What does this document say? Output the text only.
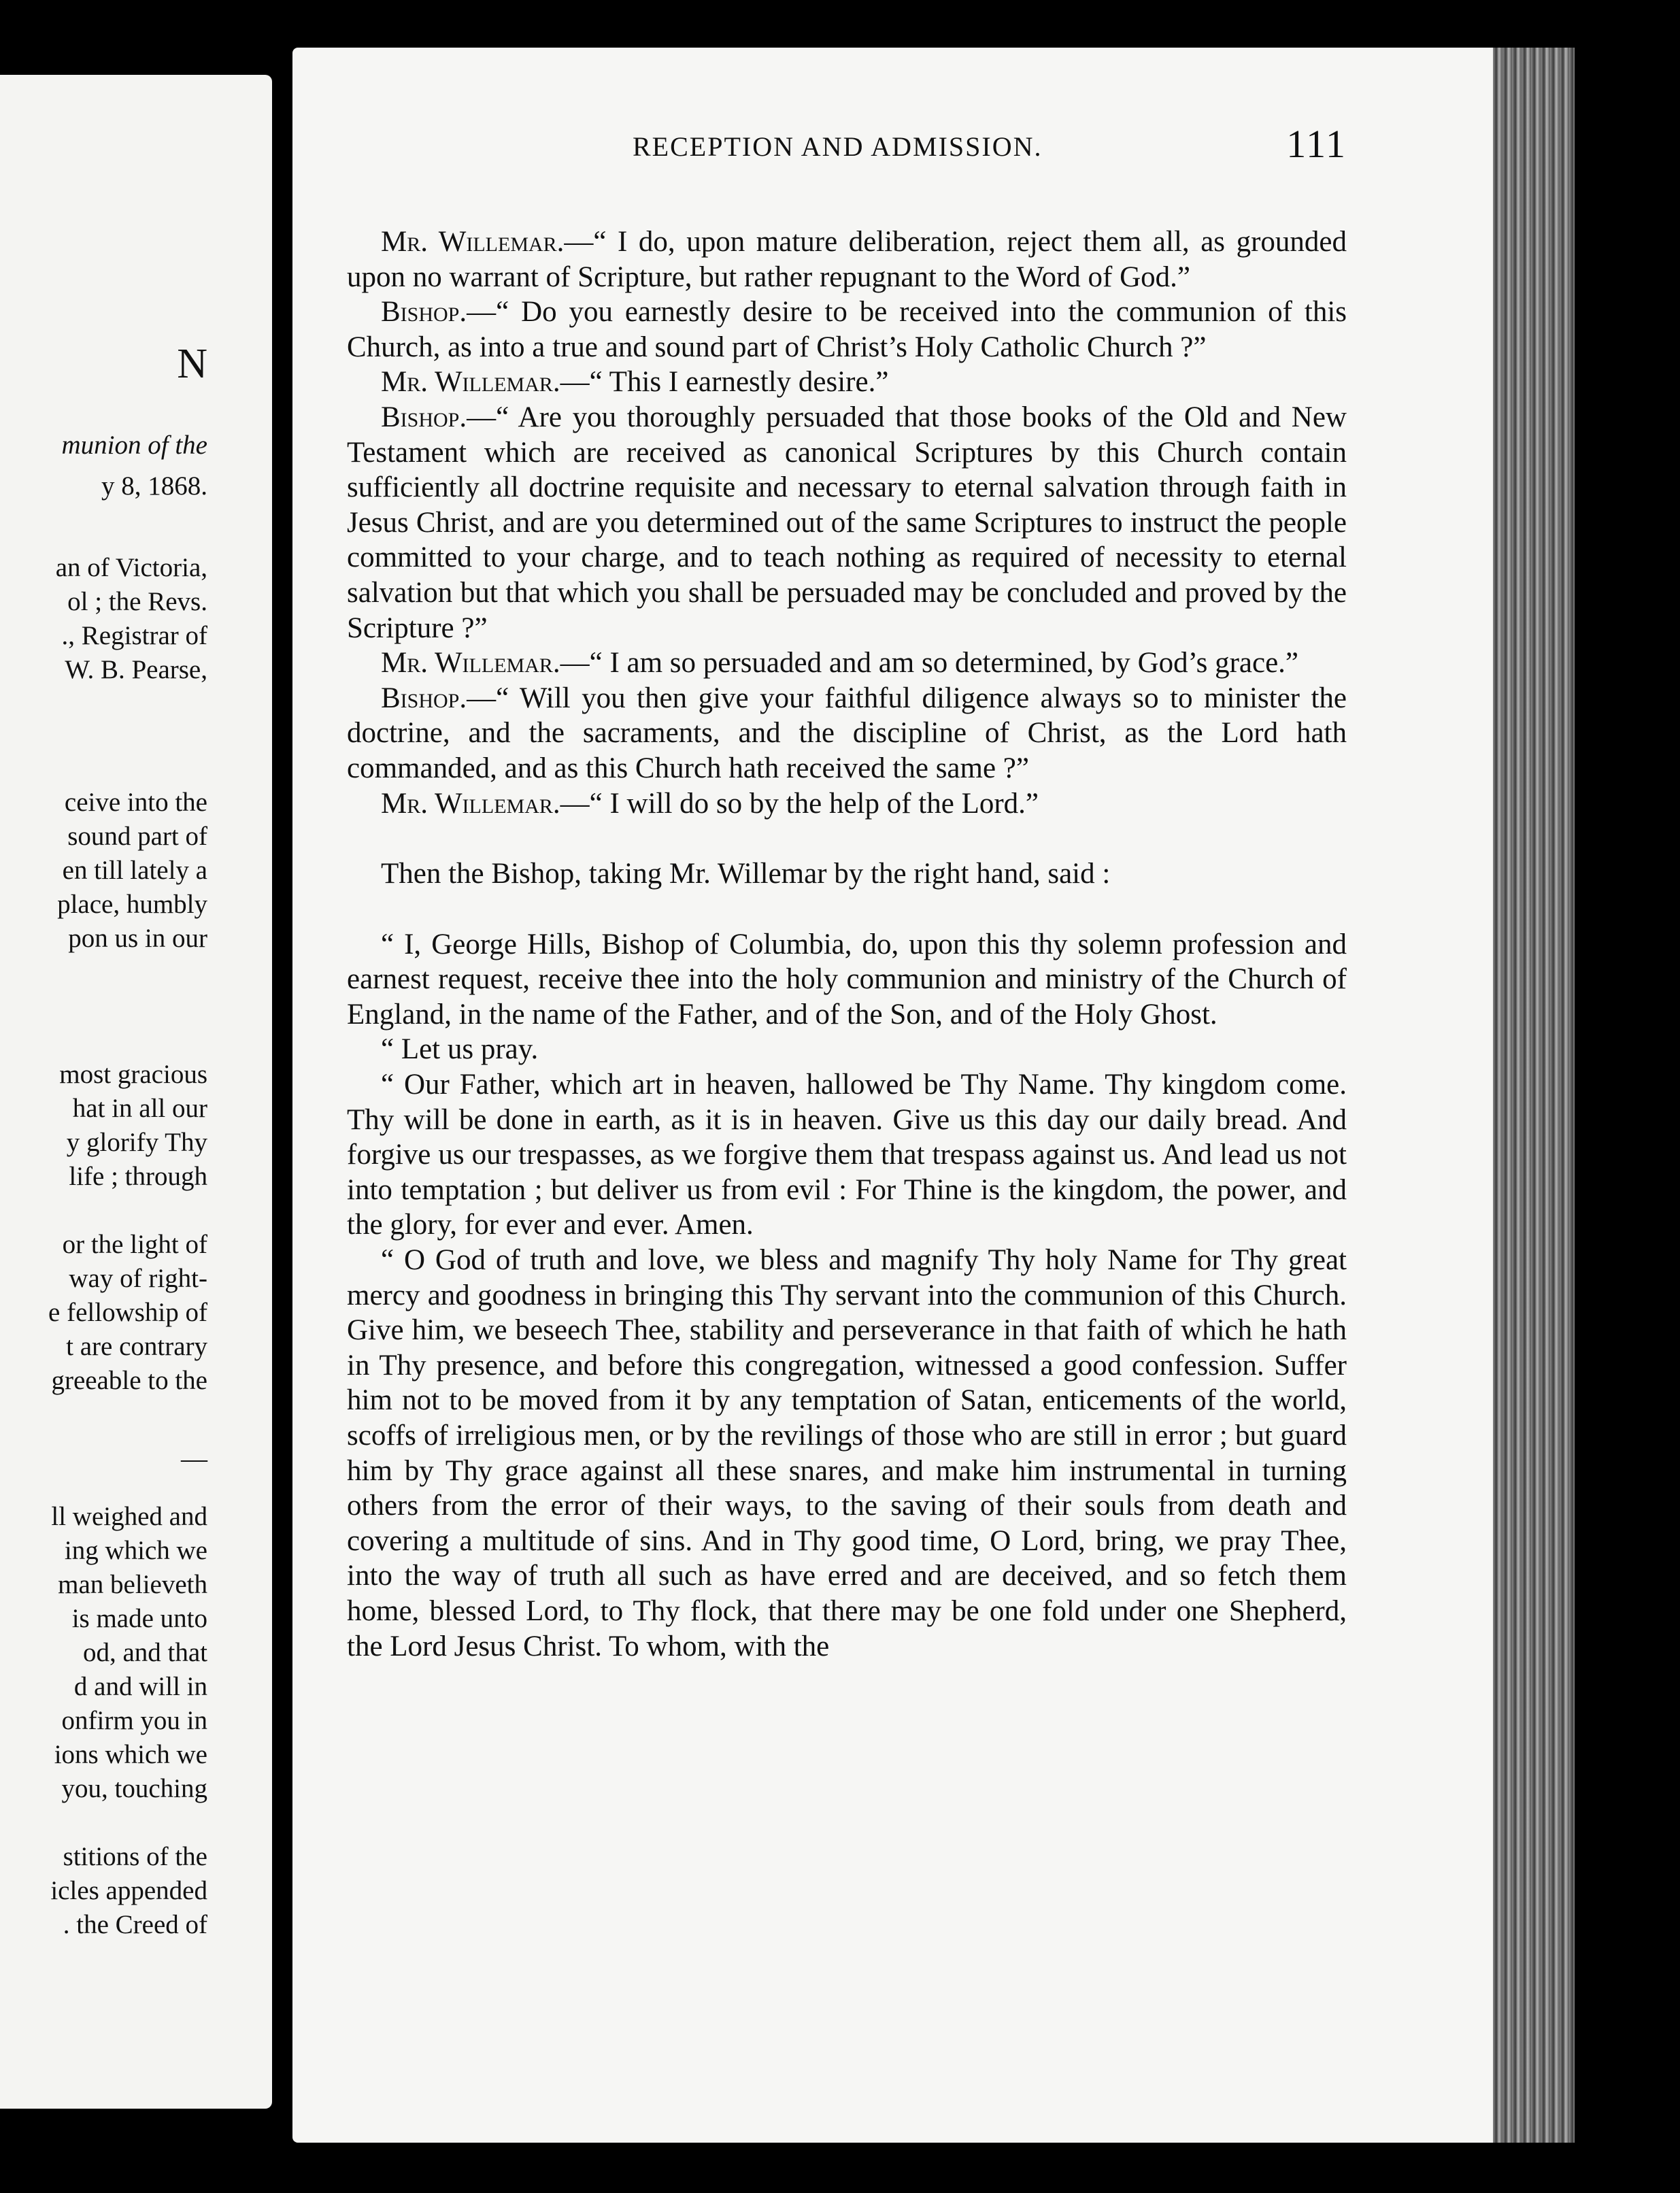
N
munion of the
y 8, 1868.
an of Victoria,
ol ; the Revs.
., Registrar of
W. B. Pearse,
ceive into the
sound part of
en till lately a
place, humbly
pon us in our
most gracious
hat in all our
y glorify Thy
life ; through
or the light of
way of right-
e fellowship of
t are contrary
greeable to the
—
ll weighed and
ing which we
man believeth
is made unto
od, and that
d and will in
onfirm you in
ions which we
you, touching
stitions of the
icles appended
. the Creed of
RECEPTION AND ADMISSION.	111

Mr. Willemar.—“ I do, upon mature deliberation, reject them all, as grounded upon no warrant of Scripture, but rather repugnant to the Word of God.”

Bishop.—“ Do you earnestly desire to be received into the communion of this Church, as into a true and sound part of Christ’s Holy Catholic Church ?”

Mr. Willemar.—“ This I earnestly desire.”

Bishop.—“ Are you thoroughly persuaded that those books of the Old and New Testament which are received as canonical Scriptures by this Church contain sufficiently all doctrine requisite and necessary to eternal salvation through faith in Jesus Christ, and are you determined out of the same Scriptures to instruct the people committed to your charge, and to teach nothing as required of necessity to eternal salvation but that which you shall be persuaded may be concluded and proved by the Scripture ?”

Mr. Willemar.—“ I am so persuaded and am so determined, by God’s grace.”

Bishop.—“ Will you then give your faithful diligence always so to minister the doctrine, and the sacraments, and the discipline of Christ, as the Lord hath commanded, and as this Church hath received the same ?”

Mr. Willemar.—“ I will do so by the help of the Lord.”

Then the Bishop, taking Mr. Willemar by the right hand, said :

“ I, George Hills, Bishop of Columbia, do, upon this thy solemn profession and earnest request, receive thee into the holy communion and ministry of the Church of England, in the name of the Father, and of the Son, and of the Holy Ghost.

“ Let us pray.

“ Our Father, which art in heaven, hallowed be Thy Name. Thy kingdom come. Thy will be done in earth, as it is in heaven. Give us this day our daily bread. And forgive us our trespasses, as we forgive them that trespass against us. And lead us not into temptation ; but deliver us from evil : For Thine is the kingdom, the power, and the glory, for ever and ever. Amen.

“ O God of truth and love, we bless and magnify Thy holy Name for Thy great mercy and goodness in bringing this Thy servant into the communion of this Church. Give him, we beseech Thee, stability and perseverance in that faith of which he hath in Thy presence, and before this congregation, witnessed a good confession. Suffer him not to be moved from it by any temptation of Satan, enticements of the world, scoffs of irreligious men, or by the revilings of those who are still in error ; but guard him by Thy grace against all these snares, and make him instrumental in turning others from the error of their ways, to the saving of their souls from death and covering a multitude of sins. And in Thy good time, O Lord, bring, we pray Thee, into the way of truth all such as have erred and are deceived, and so fetch them home, blessed Lord, to Thy flock, that there may be one fold under one Shepherd, the Lord Jesus Christ. To whom, with the
